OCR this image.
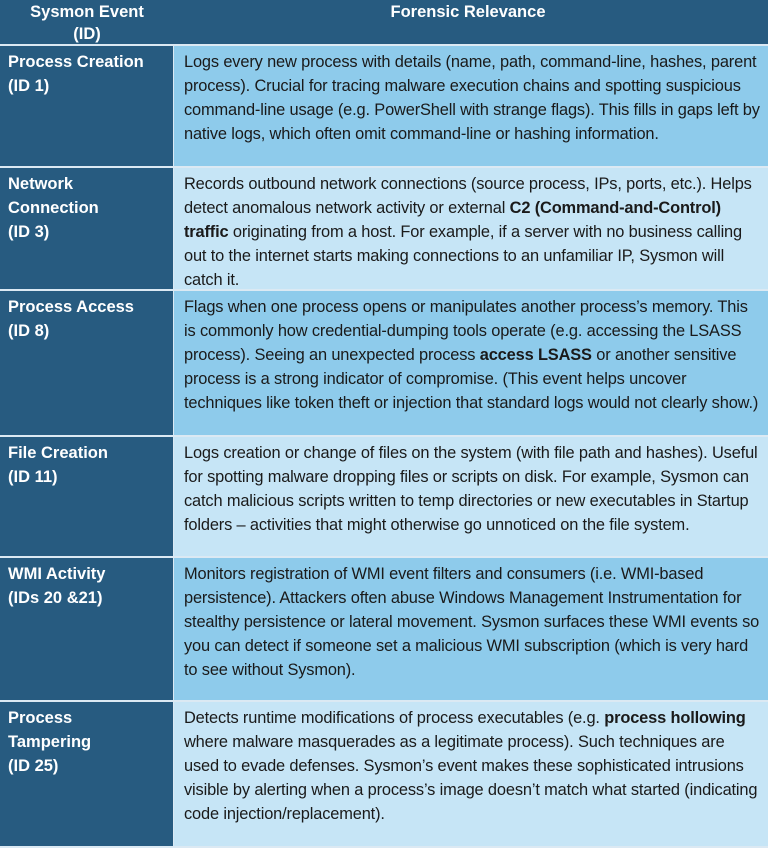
Sysmon Event
(ID)
Forensic Relevance
Process Creation
(ID 1)
Logs every new process with details (name, path, command-line, hashes, parent process). Crucial for tracing malware execution chains and spotting suspicious command-line usage (e.g. PowerShell with strange flags). This fills in gaps left by native logs, which often omit command-line or hashing information.
Network
Connection
(ID 3)
Records outbound network connections (source process, IPs, ports, etc.). Helps detect anomalous network activity or external C2 (Command-and-Control) traffic originating from a host. For example, if a server with no business calling out to the internet starts making connections to an unfamiliar IP, Sysmon will catch it.
Process Access
(ID 8)
Flags when one process opens or manipulates another process’s memory. This is commonly how credential-dumping tools operate (e.g. accessing the LSASS process). Seeing an unexpected process access LSASS or another sensitive process is a strong indicator of compromise. (This event helps uncover techniques like token theft or injection that standard logs would not clearly show.)
File Creation
(ID 11)
Logs creation or change of files on the system (with file path and hashes). Useful for spotting malware dropping files or scripts on disk. For example, Sysmon can catch malicious scripts written to temp directories or new executables in Startup folders – activities that might otherwise go unnoticed on the file system.
WMI Activity
(IDs 20 &21)
Monitors registration of WMI event filters and consumers (i.e. WMI-based persistence). Attackers often abuse Windows Management Instrumentation for stealthy persistence or lateral movement. Sysmon surfaces these WMI events so you can detect if someone set a malicious WMI subscription (which is very hard to see without Sysmon).
Process
Tampering
(ID 25)
Detects runtime modifications of process executables (e.g. process hollowing where malware masquerades as a legitimate process). Such techniques are used to evade defenses. Sysmon’s event makes these sophisticated intrusions visible by alerting when a process’s image doesn’t match what started (indicating code injection/replacement).
